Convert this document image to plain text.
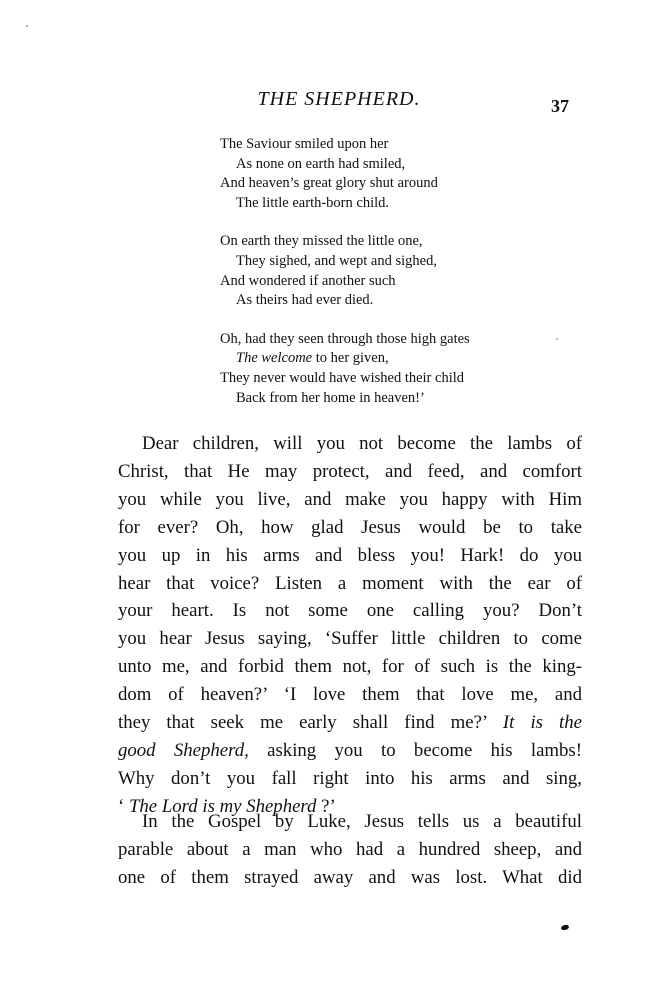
THE SHEPHERD.	37
The Saviour smiled upon her
As none on earth had smiled,
And heaven’s great glory shut around
The little earth-born child.
On earth they missed the little one,
They sighed, and wept and sighed,
And wondered if another such
As theirs had ever died.
Oh, had they seen through those high gates
The welcome to her given,
They never would have wished their child
Back from her home in heaven!’
Dear children, will you not become the lambs of
Christ, that He may protect, and feed, and comfort
you while you live, and make you happy with Him
for ever? Oh, how glad Jesus would be to take
you up in his arms and bless you! Hark! do you
hear that voice? Listen a moment with the ear of
your heart. Is not some one calling you? Don’t
you hear Jesus saying, ‘Suffer little children to come
unto me, and forbid them not, for of such is the king-
dom of heaven?’ ‘I love them that love me, and
they that seek me early shall find me?’ It is the
good Shepherd, asking you to become his lambs!
Why don’t you fall right into his arms and sing,
‘ The Lord is my Shepherd ?’
In the Gospel by Luke, Jesus tells us a beautiful
parable about a man who had a hundred sheep, and
one of them strayed away and was lost. What did
